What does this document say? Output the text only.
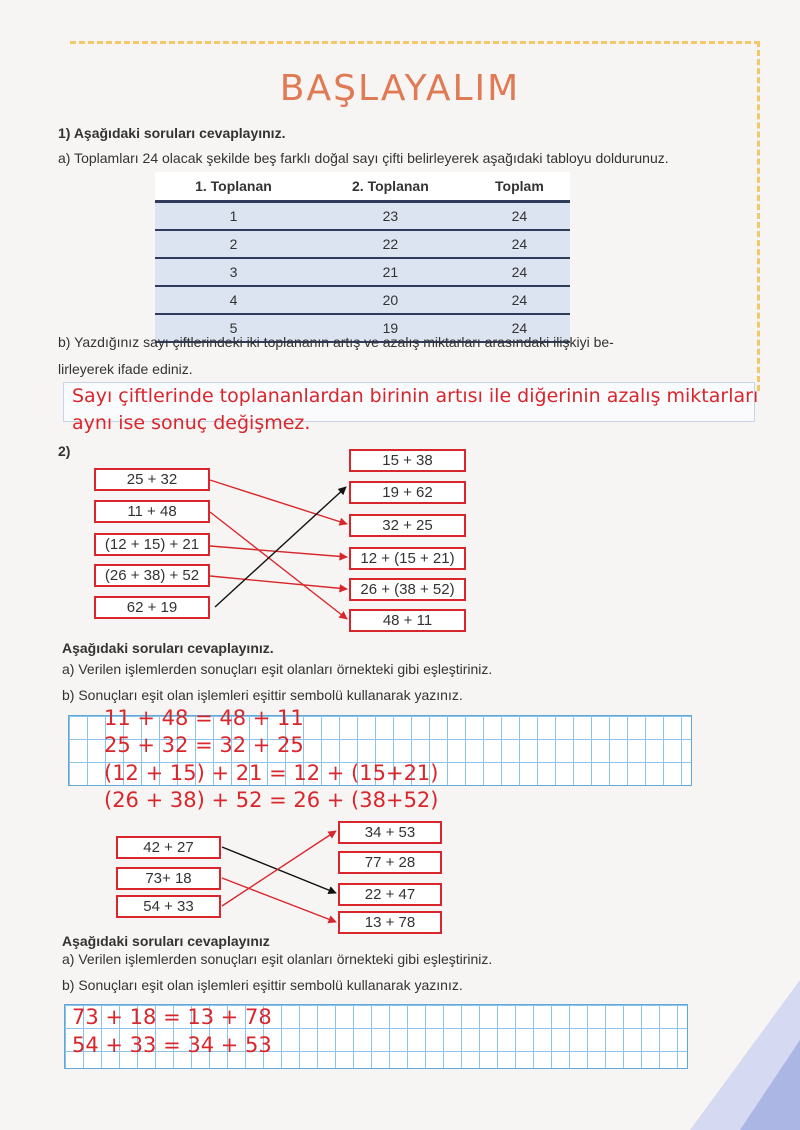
BAŞLAYALIM
1) Aşağıdaki soruları cevaplayınız.
a) Toplamları 24 olacak şekilde beş farklı doğal sayı çifti belirleyerek aşağıdaki tabloyu doldurunuz.
1. Toplanan	2. Toplanan	Toplam
1	23	24
2	22	24
3	21	24
4	20	24
5	19	24
b) Yazdığınız sayı çiftlerindeki iki toplananın artış ve azalış miktarları arasındaki ilişkiyi be-
lirleyerek ifade ediniz.
Sayı çiftlerinde toplananlardan birinin artısı ile diğerinin azalış miktarları
aynı ise sonuç değişmez.
2)
25 + 32
11 + 48
(12 + 15) + 21
(26 + 38) + 52
62 + 19
15 + 38
19 + 62
32 + 25
12 + (15 + 21)
26 + (38 + 52)
48 + 11
Aşağıdaki soruları cevaplayınız.
a) Verilen işlemlerden sonuçları eşit olanları örnekteki gibi eşleştiriniz.
b) Sonuçları eşit olan işlemleri eşittir sembolü kullanarak yazınız.
11 + 48 = 48 + 11
25 + 32 = 32 + 25
(12 + 15) + 21 = 12 + (15+21)
(26 + 38) + 52 = 26 + (38+52)
42 + 27
73+ 18
54 + 33
34 + 53
77 + 28
22 + 47
13 + 78
Aşağıdaki soruları cevaplayınız
a) Verilen işlemlerden sonuçları eşit olanları örnekteki gibi eşleştiriniz.
b) Sonuçları eşit olan işlemleri eşittir sembolü kullanarak yazınız.
73 + 18 = 13 + 78
54 + 33 = 34 + 53
